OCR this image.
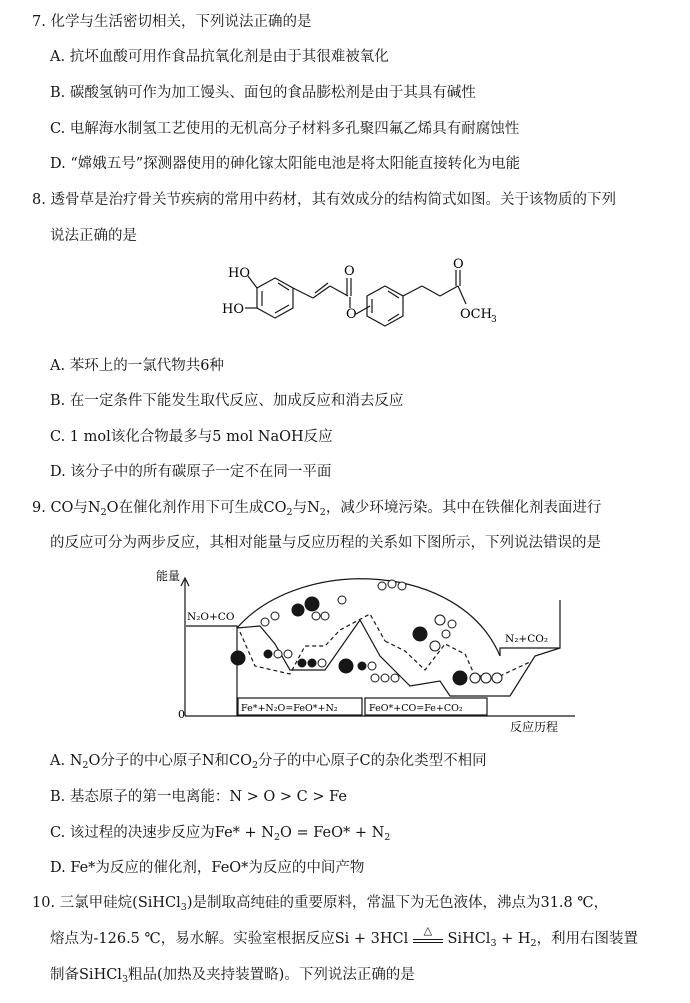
7. 化学与生活密切相关，下列说法正确的是
A. 抗坏血酸可用作食品抗氧化剂是由于其很难被氧化
B. 碳酸氢钠可作为加工馒头、面包的食品膨松剂是由于其具有碱性
C. 电解海水制氢工艺使用的无机高分子材料多孔聚四氟乙烯具有耐腐蚀性
D. “嫦娥五号”探测器使用的砷化镓太阳能电池是将太阳能直接转化为电能
8. 透骨草是治疗骨关节疾病的常用中药材，其有效成分的结构简式如图。关于该物质的下列
说法正确的是
HO
HO
O
O
O
OCH 3
A. 苯环上的一氯代物共6种
B. 在一定条件下能发生取代反应、加成反应和消去反应
C. 1 mol该化合物最多与5 mol NaOH反应
D. 该分子中的所有碳原子一定不在同一平面
9. CO与$N_2O$在催化剂作用下可生成$CO_2$与$N_2$，减少环境污染。其中在铁催化剂表面进行
的反应可分为两步反应，其相对能量与反应历程的关系如下图所示，下列说法错误的是
能量
0
反应历程
N₂O+CO
N₂+CO₂
Fe*+N₂O=FeO*+N₂	FeO*+CO=Fe+CO₂
A. $N_2O$分子的中心原子N和$CO_2$分子的中心原子C的杂化类型不相同
B. 基态原子的第一电离能：N > O > C > Fe
C. 该过程的决速步反应为$Fe* + N_2O = FeO* + N_2$
D. Fe*为反应的催化剂，FeO*为反应的中间产物
10. 三氯甲硅烷(SiHCl$_3$)是制取高纯硅的重要原料，常温下为无色液体，沸点为31.8 ℃，
熔点为-126.5 ℃，易水解。实验室根据反应Si + 3HCl
△
SiHCl$_3$ + $H_2$，利用右图装置
制备SiHCl$_3$粗品(加热及夹持装置略)。下列说法正确的是
